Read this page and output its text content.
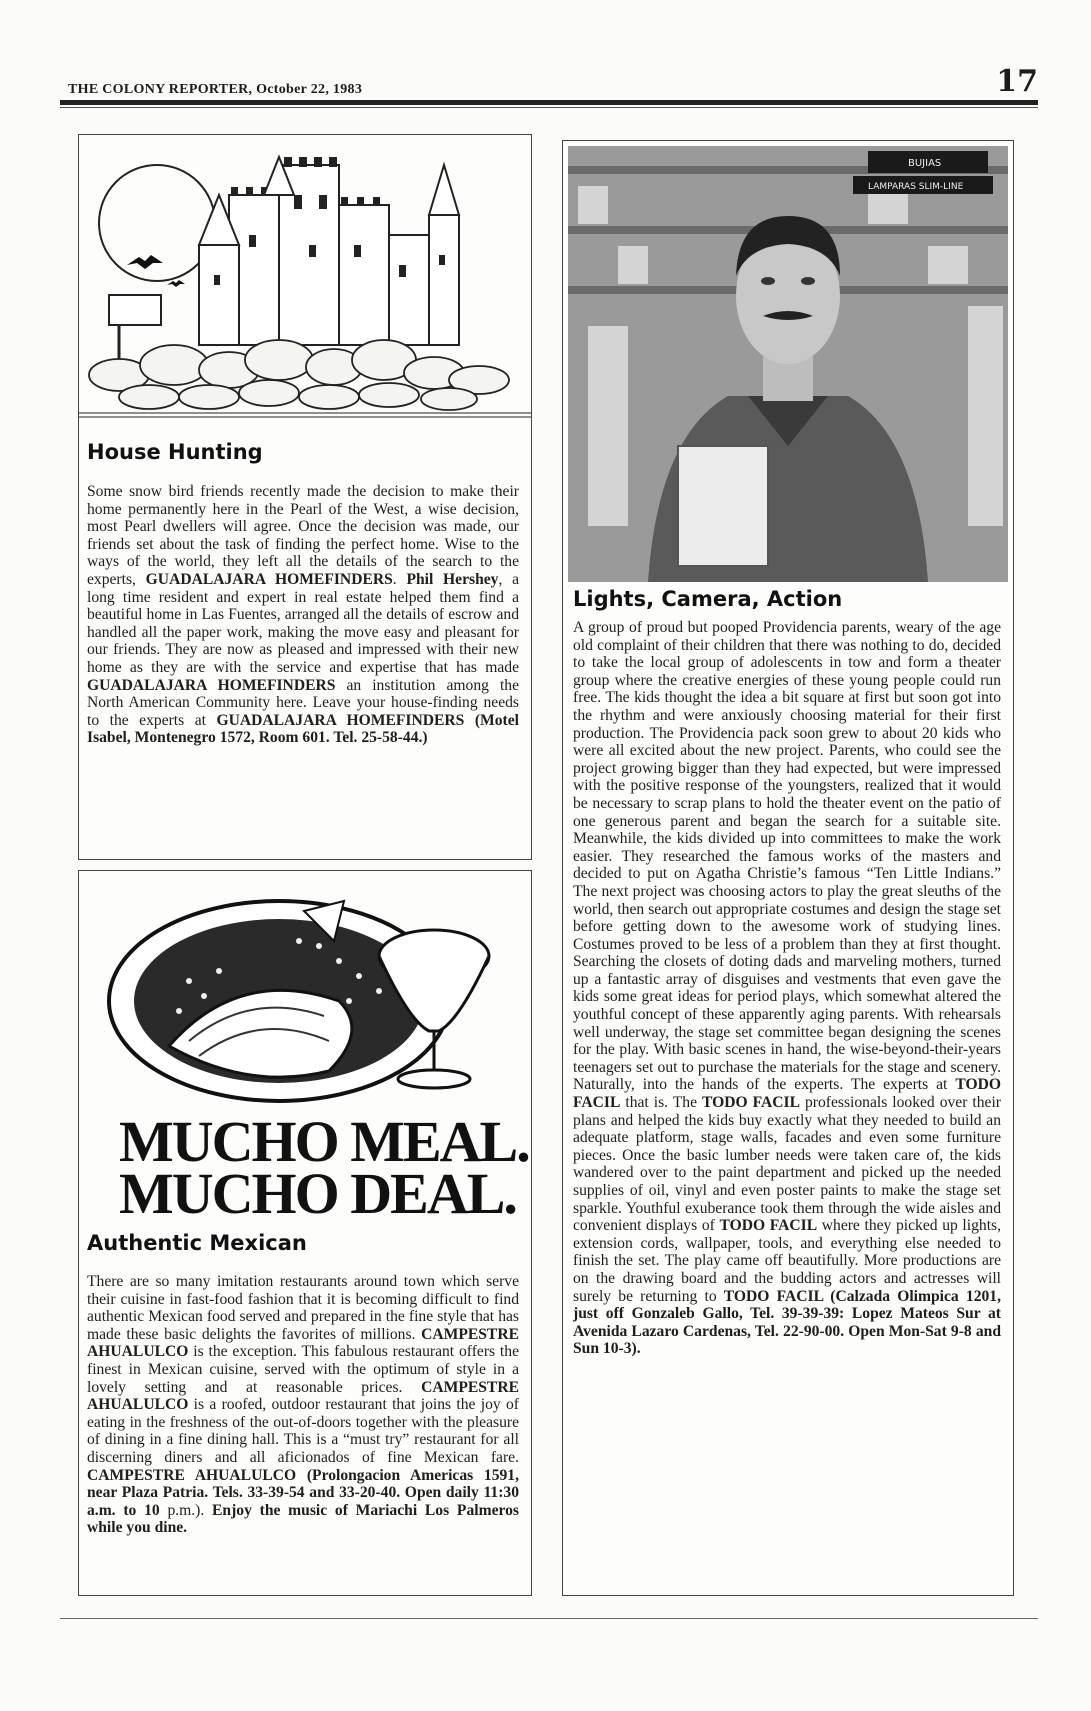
THE COLONY REPORTER, October 22, 1983	17
House Hunting
Some snow bird friends recently made the decision to make their home permanently here in the Pearl of the West, a wise decision, most Pearl dwellers will agree. Once the decision was made, our friends set about the task of finding the perfect home. Wise to the ways of the world, they left all the details of the search to the experts, GUADALAJARA HOMEFINDERS. Phil Hershey, a long time resident and expert in real estate helped them find a beautiful home in Las Fuentes, arranged all the details of escrow and handled all the paper work, making the move easy and pleasant for our friends. They are now as pleased and impressed with their new home as they are with the service and expertise that has made GUADALAJARA HOMEFINDERS an institution among the North American Community here. Leave your house-finding needs to the experts at GUADALAJARA HOMEFINDERS (Motel Isabel, Montenegro 1572, Room 601. Tel. 25-58-44.)
MUCHO MEAL.
MUCHO DEAL.
Authentic Mexican
There are so many imitation restaurants around town which serve their cuisine in fast-food fashion that it is becoming difficult to find authentic Mexican food served and prepared in the fine style that has made these basic delights the favorites of millions. CAMPESTRE AHUALULCO is the exception. This fabulous restaurant offers the finest in Mexican cuisine, served with the optimum of style in a lovely setting and at reasonable prices. CAMPESTRE AHUALULCO is a roofed, outdoor restaurant that joins the joy of eating in the freshness of the out-of-doors together with the pleasure of dining in a fine dining hall. This is a “must try” restaurant for all discerning diners and all aficionados of fine Mexican fare. CAMPESTRE AHUALULCO (Prolongacion Americas 1591, near Plaza Patria. Tels. 33-39-54 and 33-20-40. Open daily 11:30 a.m. to 10 p.m.). Enjoy the music of Mariachi Los Palmeros while you dine.
BUJIAS
LAMPARAS SLIM-LINE
Lights, Camera, Action
A group of proud but pooped Providencia parents, weary of the age old complaint of their children that there was nothing to do, decided to take the local group of adolescents in tow and form a theater group where the creative energies of these young people could run free. The kids thought the idea a bit square at first but soon got into the rhythm and were anxiously choosing material for their first production. The Providencia pack soon grew to about 20 kids who were all excited about the new project. Parents, who could see the project growing bigger than they had expected, but were impressed with the positive response of the youngsters, realized that it would be necessary to scrap plans to hold the theater event on the patio of one generous parent and began the search for a suitable site. Meanwhile, the kids divided up into committees to make the work easier. They researched the famous works of the masters and decided to put on Agatha Christie’s famous “Ten Little Indians.” The next project was choosing actors to play the great sleuths of the world, then search out appropriate costumes and design the stage set before getting down to the awesome work of studying lines. Costumes proved to be less of a problem than they at first thought. Searching the closets of doting dads and marveling mothers, turned up a fantastic array of disguises and vestments that even gave the kids some great ideas for period plays, which somewhat altered the youthful concept of these apparently aging parents. With rehearsals well underway, the stage set committee began designing the scenes for the play. With basic scenes in hand, the wise-beyond-their-years teenagers set out to purchase the materials for the stage and scenery. Naturally, into the hands of the experts. The experts at TODO FACIL that is. The TODO FACIL professionals looked over their plans and helped the kids buy exactly what they needed to build an adequate platform, stage walls, facades and even some furniture pieces. Once the basic lumber needs were taken care of, the kids wandered over to the paint department and picked up the needed supplies of oil, vinyl and even poster paints to make the stage set sparkle. Youthful exuberance took them through the wide aisles and convenient displays of TODO FACIL where they picked up lights, extension cords, wallpaper, tools, and everything else needed to finish the set. The play came off beautifully. More productions are on the drawing board and the budding actors and actresses will surely be returning to TODO FACIL (Calzada Olimpica 1201, just off Gonzaleb Gallo, Tel. 39-39-39: Lopez Mateos Sur at Avenida Lazaro Cardenas, Tel. 22-90-00. Open Mon-Sat 9-8 and Sun 10-3).
